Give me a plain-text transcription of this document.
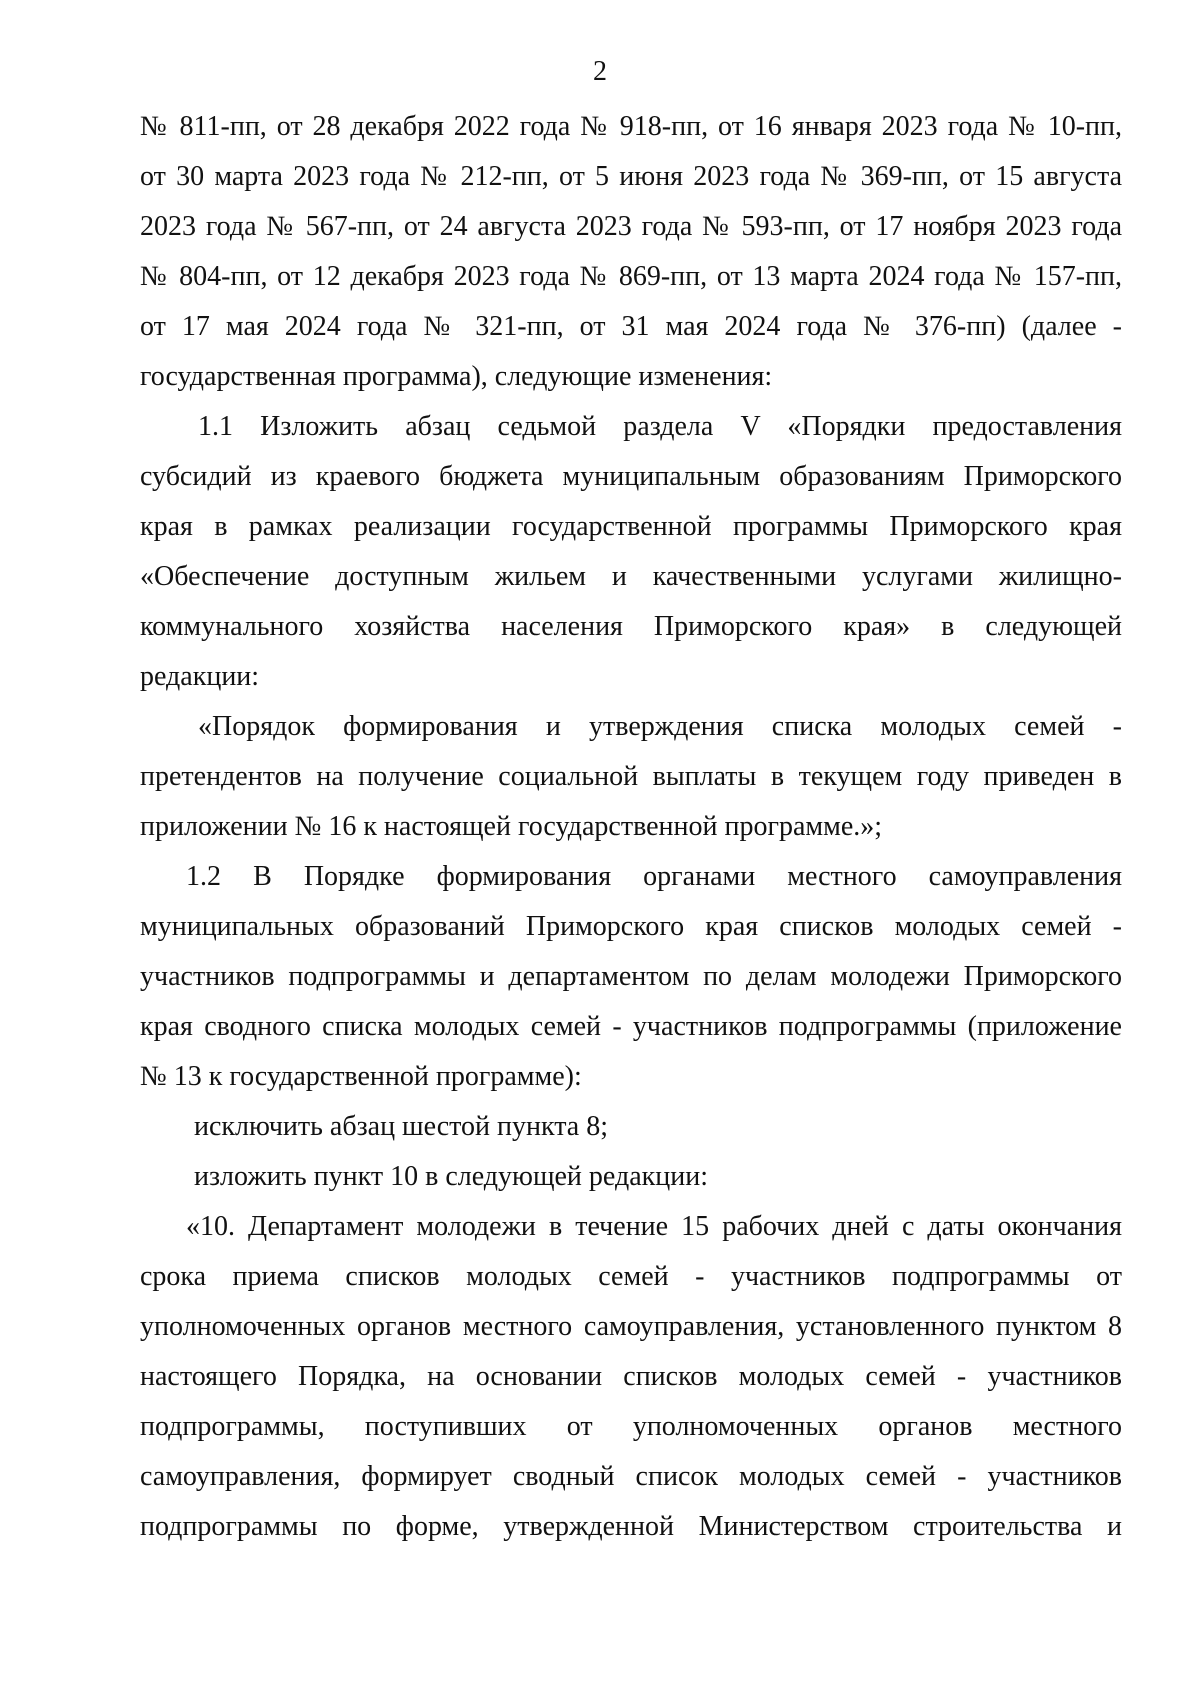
2
№ 811-пп, от 28 декабря 2022 года № 918-пп, от 16 января 2023 года № 10-пп,
от 30 марта 2023 года № 212-пп, от 5 июня 2023 года № 369-пп, от 15 августа
2023 года № 567-пп, от 24 августа 2023 года № 593-пп, от 17 ноября 2023 года
№ 804-пп, от 12 декабря 2023 года № 869-пп, от 13 марта 2024 года № 157-пп,
от 17 мая 2024 года № 321-пп, от 31 мая 2024 года № 376-пп) (далее -
государственная программа), следующие изменения:
1.1 Изложить абзац седьмой раздела V «Порядки предоставления
субсидий из краевого бюджета муниципальным образованиям Приморского
края в рамках реализации государственной программы Приморского края
«Обеспечение доступным жильем и качественными услугами жилищно-
коммунального хозяйства населения Приморского края» в следующей
редакции:
«Порядок формирования и утверждения списка молодых семей -
претендентов на получение социальной выплаты в текущем году приведен в
приложении № 16 к настоящей государственной программе.»;
1.2 В Порядке формирования органами местного самоуправления
муниципальных образований Приморского края списков молодых семей -
участников подпрограммы и департаментом по делам молодежи Приморского
края сводного списка молодых семей - участников подпрограммы (приложение
№ 13 к государственной программе):
исключить абзац шестой пункта 8;
изложить пункт 10 в следующей редакции:
«10. Департамент молодежи в течение 15 рабочих дней с даты окончания
срока приема списков молодых семей - участников подпрограммы от
уполномоченных органов местного самоуправления, установленного пунктом 8
настоящего Порядка, на основании списков молодых семей - участников
подпрограммы, поступивших от уполномоченных органов местного
самоуправления, формирует сводный список молодых семей - участников
подпрограммы по форме, утвержденной Министерством строительства и
